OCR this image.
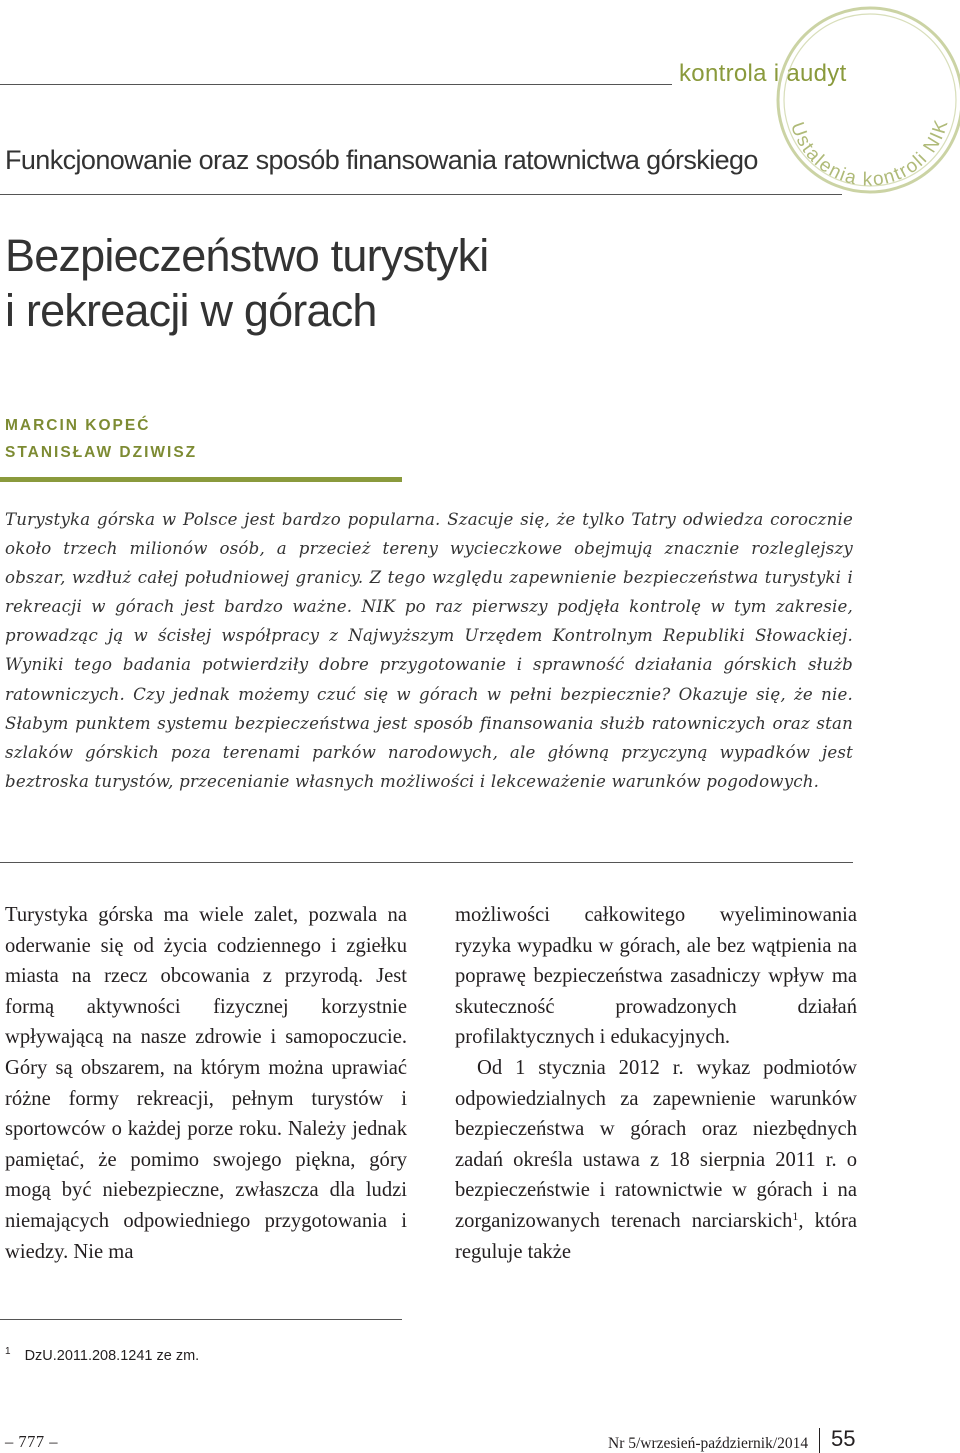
kontrola i audyt
Ustalenia kontroli NIK
Funkcjonowanie oraz sposób finansowania ratownictwa górskiego
Bezpieczeństwo turystyki
i rekreacji w górach
MARCIN KOPEĆ
STANISŁAW DZIWISZ

Turystyka górska w Polsce jest bardzo popularna. Szacuje się, że tylko Tatry odwiedza corocznie około trzech milionów osób, a przecież tereny wycieczkowe obejmują znacznie rozleglejszy obszar, wzdłuż całej południowej granicy. Z tego względu zapewnienie bezpieczeństwa turystyki i rekreacji w górach jest bardzo ważne. NIK po raz pierwszy podjęła kontrolę w tym zakresie, prowadząc ją w ścisłej współpracy z Najwyższym Urzędem Kontrolnym Republiki Słowackiej. Wyniki tego badania potwierdziły dobre przygotowanie i sprawność działania górskich służb ratowniczych. Czy jednak możemy czuć się w górach w pełni bezpiecznie? Okazuje się, że nie. Słabym punktem systemu bezpieczeństwa jest sposób finansowania służb ratowniczych oraz stan szlaków górskich poza terenami parków narodowych, ale główną przyczyną wypadków jest beztroska turystów, przecenianie własnych możliwości i lekceważenie warunków pogodowych.

Turystyka górska ma wiele zalet, pozwala na oderwanie się od życia codziennego i zgiełku miasta na rzecz obcowania z przyrodą. Jest formą aktywności fizycznej korzystnie wpływającą na nasze zdrowie i samopoczucie. Góry są obszarem, na którym można uprawiać różne formy rekreacji, pełnym turystów i sportowców o każdej porze roku. Należy jednak pamiętać, że pomimo swojego piękna, góry mogą być niebezpieczne, zwłaszcza dla ludzi niemających odpowiedniego przygotowania i wiedzy. Nie ma

możliwości całkowitego wyeliminowania ryzyka wypadku w górach, ale bez wątpienia na poprawę bezpieczeństwa zasadniczy wpływ ma skuteczność prowadzonych działań profilaktycznych i edukacyjnych.

Od 1 stycznia 2012 r. wykaz podmiotów odpowiedzialnych za zapewnienie warunków bezpieczeństwa w górach oraz niezbędnych zadań określa ustawa z 18 sierpnia 2011 r. o bezpieczeństwie i ratownictwie w górach i na zorganizowanych terenach narciarskich$^1$, która reguluje także

$^1$ DzU.2011.208.1241 ze zm.
– 777 –	Nr 5/wrzesień-październik/2014 55
